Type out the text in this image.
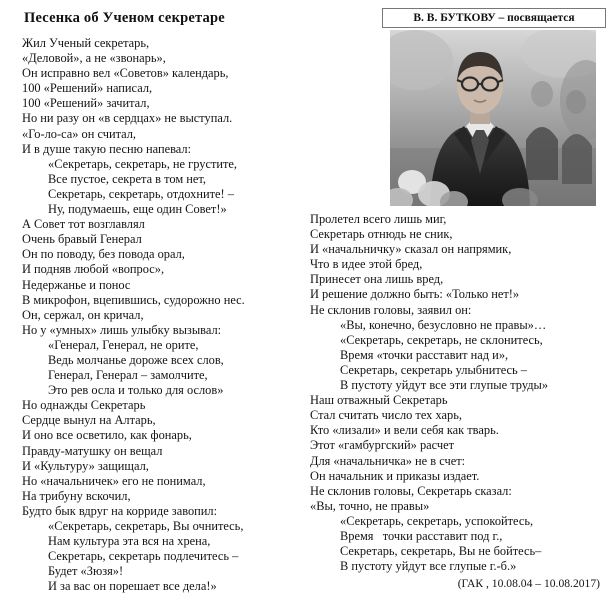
Песенка об Ученом секретаре	В. В. БУТКОВУ – посвящается
Жил Ученый секретарь,
«Деловой», а не «звонарь»,
Он исправно вел «Советов» календарь,
100 «Решений» написал,
100 «Решений» зачитал,
Но ни разу он «в сердцах» не выступал.
«Го-ло-са» он считал,
И в душе такую песню напевал:
«Секретарь, секретарь, не грустите,
Все пустое, секрета в том нет,
Секретарь, секретарь, отдохните! –
Ну, подумаешь, еще один Совет!»
А Совет тот возглавлял
Очень бравый Генерал
Он по поводу, без повода орал,
И подняв любой «вопрос»,
Недержанье и понос
В микрофон, вцепившись, судорожно нес.
Он, сержал, он кричал,
Но у «умных» лишь улыбку вызывал:
«Генерал, Генерал, не орите,
Ведь молчанье дороже всех слов,
Генерал, Генерал – замолчите,
Это рев осла и только для ослов»
Но однажды Секретарь
Сердце вынул на Алтарь,
И оно все осветило, как фонарь,
Правду-матушку он вещал
И «Культуру» защищал,
Но «начальничек» его не понимал,
На трибуну вскочил,
Будто бык вдруг на корриде завопил:
«Секретарь, секретарь, Вы очнитесь,
Нам культура эта вся на хрена,
Секретарь, секретарь подлечитесь –
Будет «Зюзя»!
И за вас он порешает все дела!»
Пролетел всего лишь миг,
Секретарь отнюдь не сник,
И «начальничку» сказал он напрямик,
Что в идее этой бред,
Принесет она лишь вред,
И решение должно быть: «Только нет!»
Не склонив головы, заявил он:
«Вы, конечно, безусловно не правы»…
«Секретарь, секретарь, не склонитесь,
Время «точки расставит над и»,
Секретарь, секретарь улыбнитесь –
В пустоту уйдут все эти глупые труды»
Наш отважный Секретарь
Стал считать число тех харь,
Кто «лизали» и вели себя как тварь.
Этот «гамбургский» расчет
Для «начальничка» не в счет:
Он начальник и приказы издает.
Не склонив головы, Секретарь сказал:
«Вы, точно, не правы»
«Секретарь, секретарь, успокойтесь,
Время   точки расставит под г.,
Секретарь, секретарь, Вы не бойтесь–
В пустоту уйдут все глупые г.-б.»
(ГАК , 10.08.04 – 10.08.2017)
